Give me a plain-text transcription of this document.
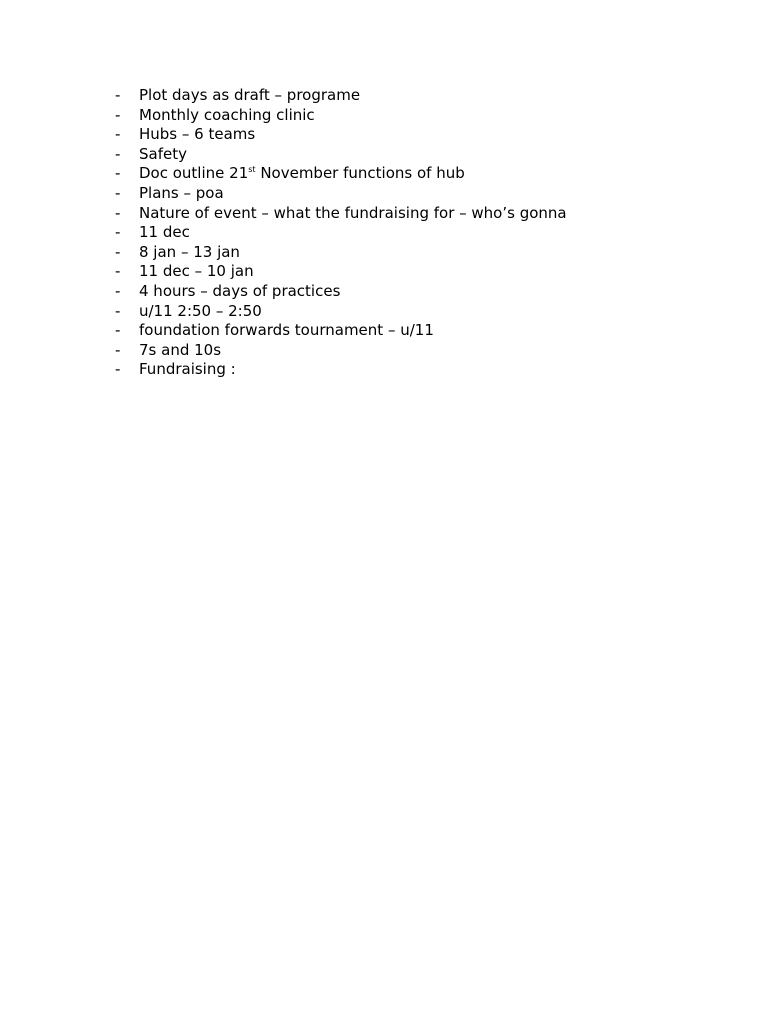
-	Plot days as draft – programe
-	Monthly coaching clinic
-	Hubs – 6 teams
-	Safety
-	Doc outline 21st November functions of hub
-	Plans – poa
-	Nature of event – what the fundraising for – who’s gonna
-	11 dec
-	8 jan – 13 jan
-	11 dec – 10 jan
-	4 hours – days of practices
-	u/11 2:50 – 2:50
-	foundation forwards tournament – u/11
-	7s and 10s
-	Fundraising :
